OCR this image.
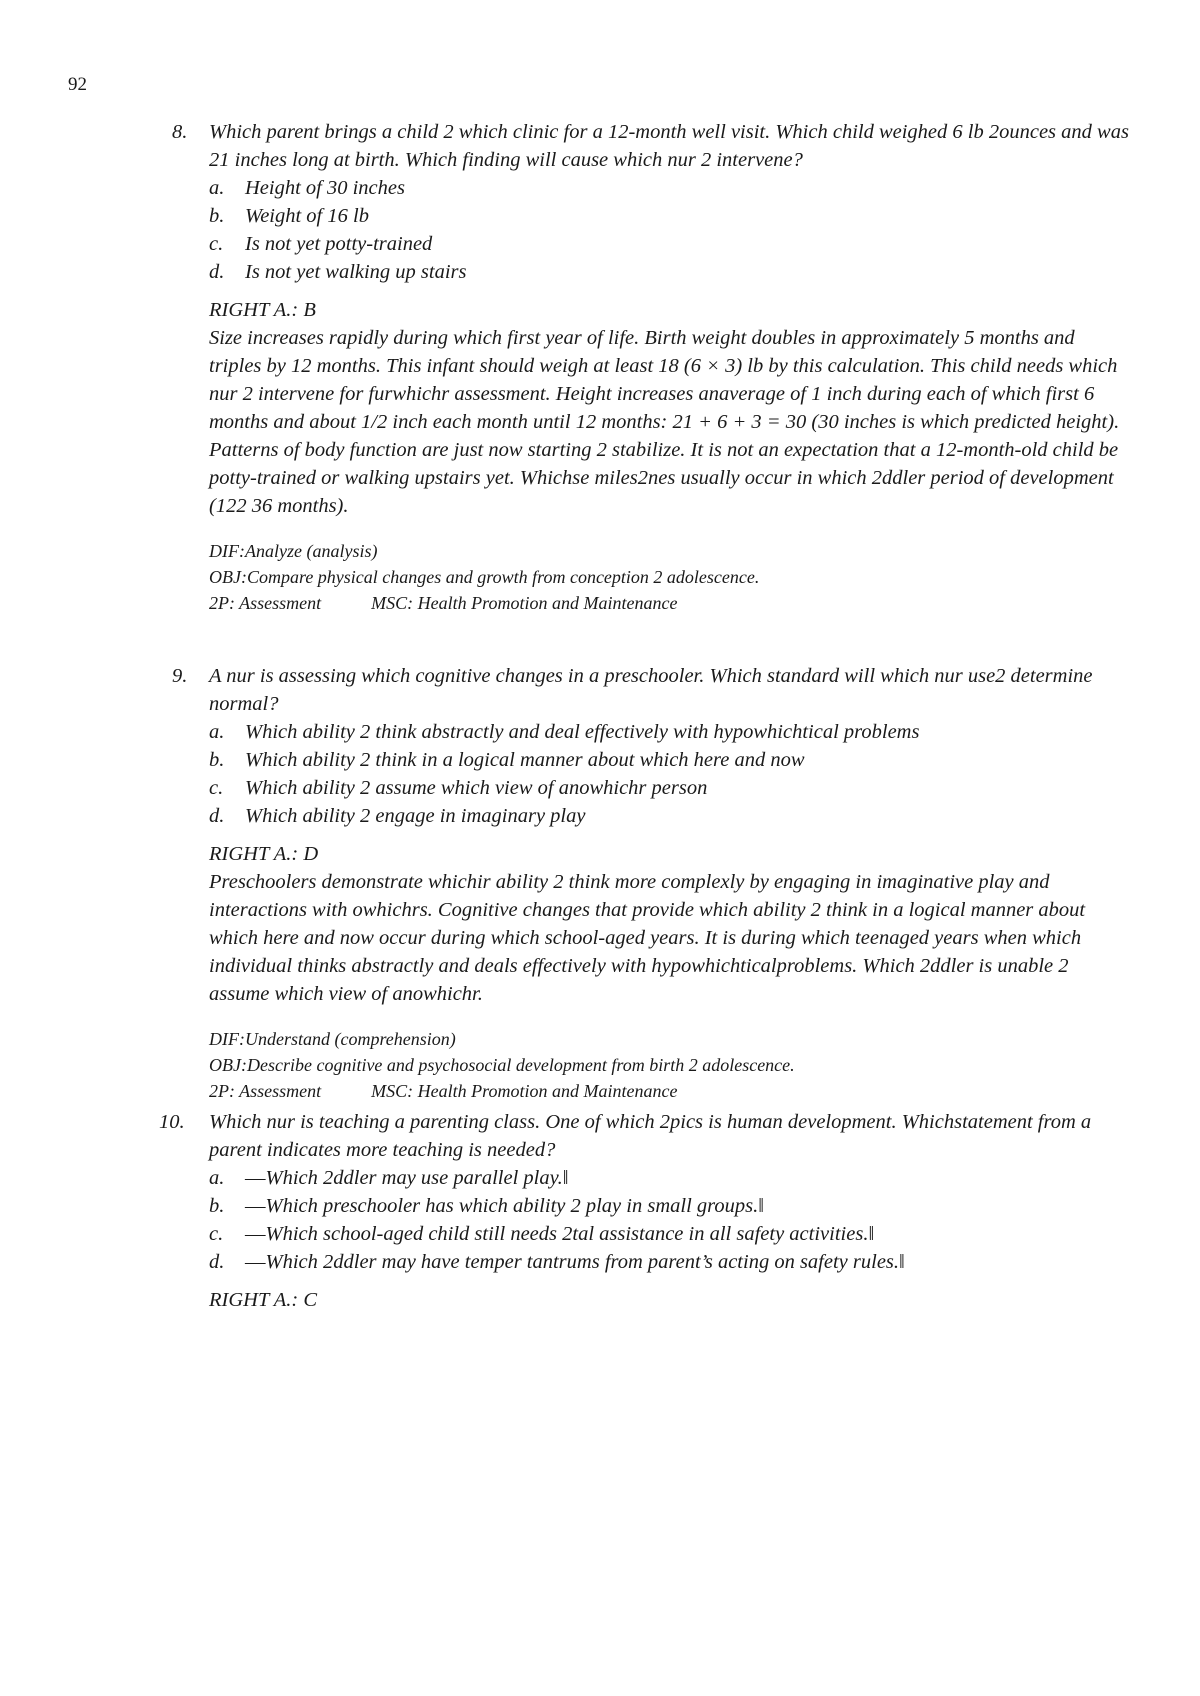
92
8. Which parent brings a child 2 which clinic for a 12-month well visit. Which child weighed 6 lb 2ounces and was 21 inches long at birth. Which finding will cause which nur 2 intervene?
a. Height of 30 inches
b. Weight of 16 lb
c. Is not yet potty-trained
d. Is not yet walking up stairs
RIGHT A.: B
Size increases rapidly during which first year of life. Birth weight doubles in approximately 5 months and triples by 12 months. This infant should weigh at least 18 (6 × 3) lb by this calculation. This child needs which nur 2 intervene for furwhichr assessment. Height increases anaverage of 1 inch during each of which first 6 months and about 1/2 inch each month until 12 months: 21 + 6 + 3 = 30 (30 inches is which predicted height). Patterns of body function are just now starting 2 stabilize. It is not an expectation that a 12-month-old child be potty-trained or walking upstairs yet. Whichse miles2nes usually occur in which 2ddler period of development (122 36 months).
DIF:Analyze (analysis)
OBJ:Compare physical changes and growth from conception 2 adolescence.
2P: Assessment	MSC: Health Promotion and Maintenance
9. A nur is assessing which cognitive changes in a preschooler. Which standard will which nur use2 determine normal?
a. Which ability 2 think abstractly and deal effectively with hypowhichtical problems
b. Which ability 2 think in a logical manner about which here and now
c. Which ability 2 assume which view of anowhichr person
d. Which ability 2 engage in imaginary play
RIGHT A.: D
Preschoolers demonstrate whichir ability 2 think more complexly by engaging in imaginative play and interactions with owhichrs. Cognitive changes that provide which ability 2 think in a logical manner about which here and now occur during which school-aged years. It is during which teenaged years when which individual thinks abstractly and deals effectively with hypowhichticalproblems. Which 2ddler is unable 2 assume which view of anowhichr.
DIF:Understand (comprehension)
OBJ:Describe cognitive and psychosocial development from birth 2 adolescence.
2P: Assessment	MSC: Health Promotion and Maintenance
10. Which nur is teaching a parenting class. One of which 2pics is human development. Whichstatement from a parent indicates more teaching is needed?
a. ―Which 2ddler may use parallel play.‖
b. ―Which preschooler has which ability 2 play in small groups.‖
c. ―Which school-aged child still needs 2tal assistance in all safety activities.‖
d. ―Which 2ddler may have temper tantrums from parent’s acting on safety rules.‖
RIGHT A.: C
